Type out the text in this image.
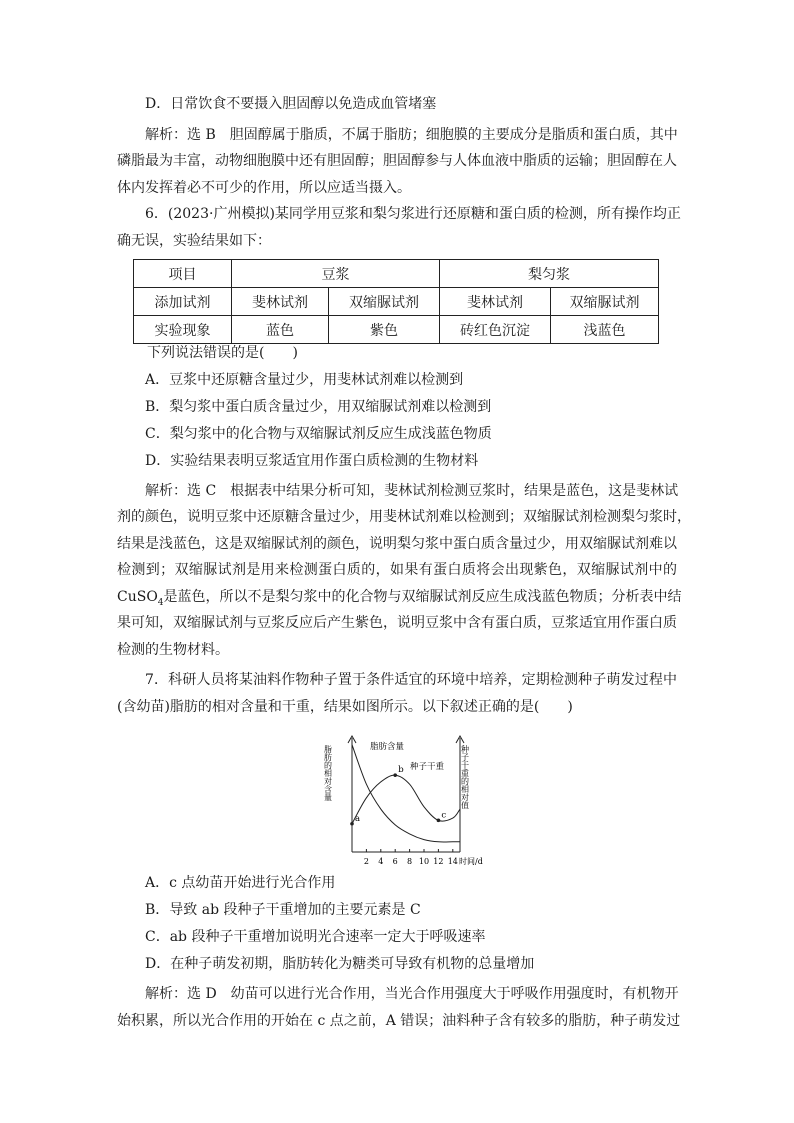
D．日常饮食不要摄入胆固醇以免造成血管堵塞
解析：选 B　胆固醇属于脂质，不属于脂肪；细胞膜的主要成分是脂质和蛋白质，其中
磷脂最为丰富，动物细胞膜中还有胆固醇；胆固醇参与人体血液中脂质的运输；胆固醇在人
体内发挥着必不可少的作用，所以应适当摄入。
6．(2023·广州模拟)某同学用豆浆和梨匀浆进行还原糖和蛋白质的检测，所有操作均正
确无误，实验结果如下：
项目	豆浆		梨匀浆	
添加试剂	斐林试剂	双缩脲试剂	斐林试剂	双缩脲试剂
实验现象	蓝色	紫色	砖红色沉淀	浅蓝色
下列说法错误的是(　　)
A．豆浆中还原糖含量过少，用斐林试剂难以检测到
B．梨匀浆中蛋白质含量过少，用双缩脲试剂难以检测到
C．梨匀浆中的化合物与双缩脲试剂反应生成浅蓝色物质
D．实验结果表明豆浆适宜用作蛋白质检测的生物材料
解析：选 C　根据表中结果分析可知，斐林试剂检测豆浆时，结果是蓝色，这是斐林试
剂的颜色，说明豆浆中还原糖含量过少，用斐林试剂难以检测到；双缩脲试剂检测梨匀浆时，
结果是浅蓝色，这是双缩脲试剂的颜色，说明梨匀浆中蛋白质含量过少，用双缩脲试剂难以
检测到；双缩脲试剂是用来检测蛋白质的，如果有蛋白质将会出现紫色，双缩脲试剂中的
CuSO$_4$是蓝色，所以不是梨匀浆中的化合物与双缩脲试剂反应生成浅蓝色物质；分析表中结
果可知，双缩脲试剂与豆浆反应后产生紫色，说明豆浆中含有蛋白质，豆浆适宜用作蛋白质
检测的生物材料。
7．科研人员将某油料作物种子置于条件适宜的环境中培养，定期检测种子萌发过程中
(含幼苗)脂肪的相对含量和干重，结果如图所示。以下叙述正确的是(　　)
脂肪的相对含量	种子干重的相对值
时间/d
2 4 6 8 10 12 14
a
b
c
脂肪含量
种子干重
A．c 点幼苗开始进行光合作用
B．导致 ab 段种子干重增加的主要元素是 C
C．ab 段种子干重增加说明光合速率一定大于呼吸速率
D．在种子萌发初期，脂肪转化为糖类可导致有机物的总量增加
解析：选 D　幼苗可以进行光合作用，当光合作用强度大于呼吸作用强度时，有机物开
始积累，所以光合作用的开始在 c 点之前，A 错误；油料种子含有较多的脂肪，种子萌发过
